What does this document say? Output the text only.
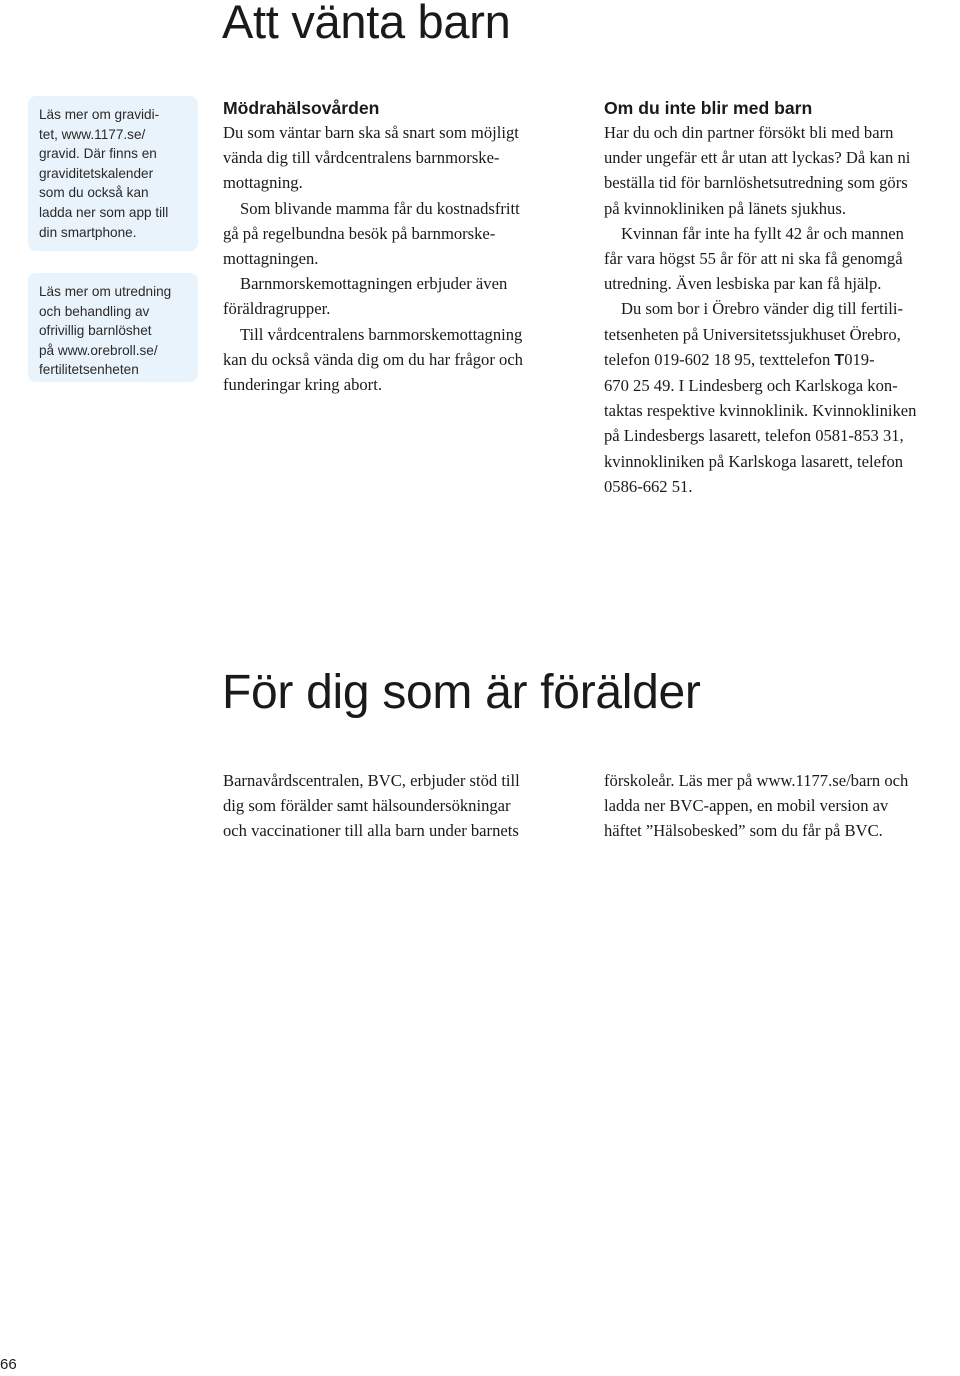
Att vänta barn
Läs mer om gravidi-
tet, www.1177.se/
gravid. Där finns en
graviditetskalender
som du också kan
ladda ner som app till
din smartphone.
Läs mer om utredning
och behandling av
ofrivillig barnlöshet
på www.orebroll.se/
fertilitetsenheten
Mödrahälsovården
Du som väntar barn ska så snart som möjligt
vända dig till vårdcentralens barnmorske-
mottagning.
Som blivande mamma får du kostnadsfritt
gå på regelbundna besök på barnmorske-
mottagningen.
Barnmorskemottagningen erbjuder även
föräldragrupper.
Till vårdcentralens barnmorskemottagning
kan du också vända dig om du har frågor och
funderingar kring abort.
Om du inte blir med barn
Har du och din partner försökt bli med barn
under ungefär ett år utan att lyckas? Då kan ni
beställa tid för barnlöshetsutredning som görs
på kvinnokliniken på länets sjukhus.
Kvinnan får inte ha fyllt 42 år och mannen
får vara högst 55 år för att ni ska få genomgå
utredning. Även lesbiska par kan få hjälp.
Du som bor i Örebro vänder dig till fertili-
tetsenheten på Universitetssjukhuset Örebro,
telefon 019-602 18 95, texttelefon T019-
670 25 49. I Lindesberg och Karlskoga kon-
taktas respektive kvinnoklinik. Kvinnokliniken
på Lindesbergs lasarett, telefon 0581-853 31,
kvinnokliniken på Karlskoga lasarett, telefon
0586-662 51.
För dig som är förälder
Barnavårdscentralen, BVC, erbjuder stöd till
dig som förälder samt hälsoundersökningar
och vaccinationer till alla barn under barnets
förskoleår. Läs mer på www.1177.se/barn och
ladda ner BVC-appen, en mobil version av
häftet ”Hälsobesked” som du får på BVC.

66
